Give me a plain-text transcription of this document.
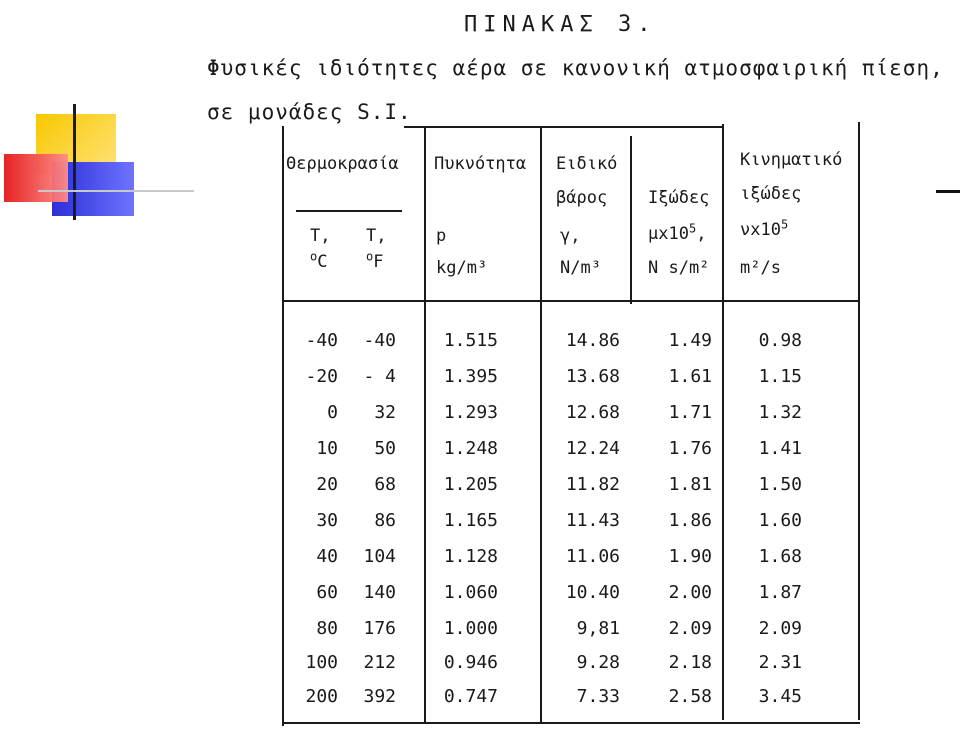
ΠΙΝΑΚΑΣ 3.
Φυσικές ιδιότητες αέρα σε κανονική ατμοσφαιρική πίεση,
σε μονάδες S.I.
Θερμοκρασία
T, T,
$^o$C	$^o$F
Πυκνότητα
p
kg/m³
Ειδικό
βάρος
γ,
N/m³
Ιξώδες
$\mu x10^5$,
N s/m²
Κινηματικό
ιξώδες
$\nu x10^5$
m²/s
-40	-40	1.515	14.86	1.49	0.98
-20	- 4	1.395	13.68	1.61	1.15
0	32	1.293	12.68	1.71	1.32
10	50	1.248	12.24	1.76	1.41
20	68	1.205	11.82	1.81	1.50
30	86	1.165	11.43	1.86	1.60
40	104	1.128	11.06	1.90	1.68
60	140	1.060	10.40	2.00	1.87
80	176	1.000	9,81	2.09	2.09
100	212	0.946	9.28	2.18	2.31
200	392	0.747	7.33	2.58	3.45
